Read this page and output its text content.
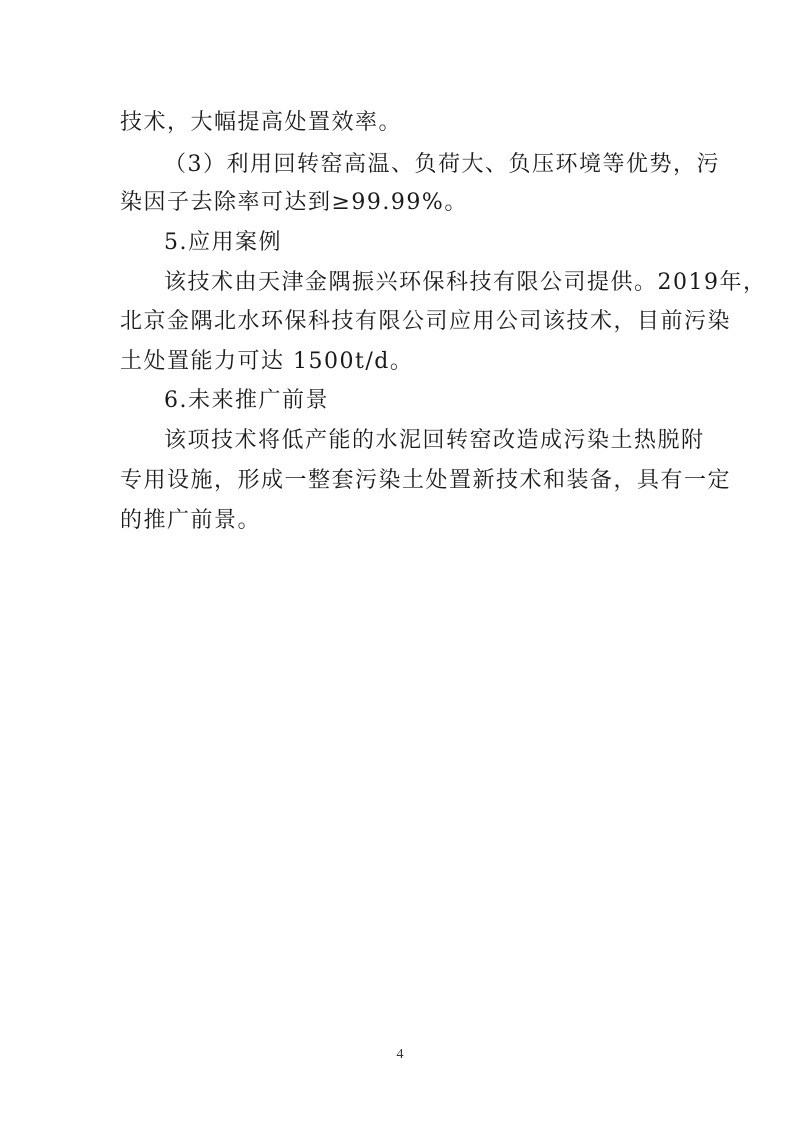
技术，大幅提高处置效率。
（3）利用回转窑高温、负荷大、负压环境等优势，污
染因子去除率可达到≥99.99%。
5.应用案例
该技术由天津金隅振兴环保科技有限公司提供。2019年，
北京金隅北水环保科技有限公司应用公司该技术，目前污染
土处置能力可达 1500t/d。
6.未来推广前景
该项技术将低产能的水泥回转窑改造成污染土热脱附
专用设施，形成一整套污染土处置新技术和装备，具有一定
的推广前景。
4
